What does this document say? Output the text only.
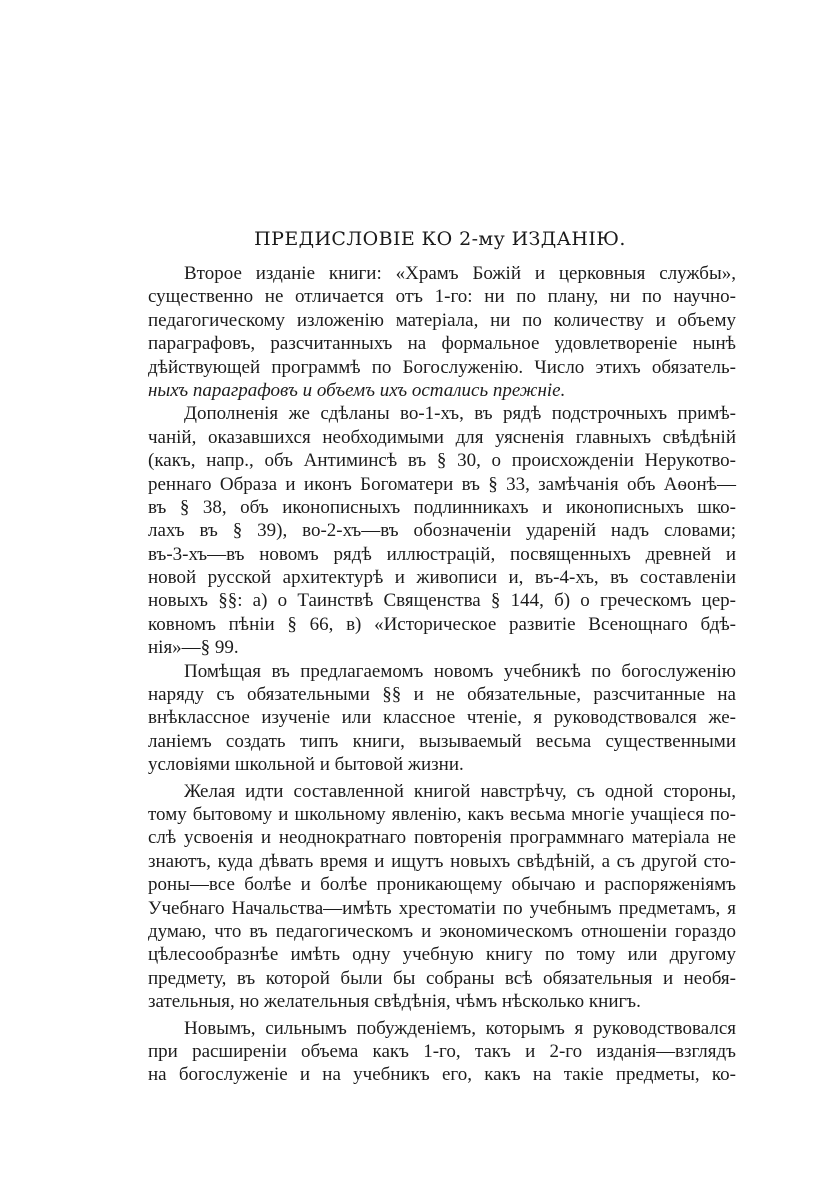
ПРЕДИСЛОВІЕ КО 2-му ИЗДАНІЮ.
Второе изданіе книги: «Храмъ Божій и церковныя службы»,
существенно не отличается отъ 1-го: ни по плану, ни по научно-
педагогическому изложенію матеріала, ни по количеству и объему
параграфовъ, разсчитанныхъ на формальное удовлетвореніе нынѣ
дѣйствующей программѣ по Богослуженію. Число этихъ обязатель-
ныхъ параграфовъ и объемъ ихъ остались прежніе.
Дополненія же сдѣланы во-1-хъ, въ рядѣ подстрочныхъ примѣ-
чаній, оказавшихся необходимыми для уясненія главныхъ свѣдѣній
(какъ, напр., объ Антиминсѣ въ § 30, о происхожденіи Нерукотво-
реннаго Образа и иконъ Богоматери въ § 33, замѣчанія объ Аѳонѣ—
въ § 38, объ иконописныхъ подлинникахъ и иконописныхъ шко-
лахъ въ § 39), во-2-хъ—въ обозначеніи удареній надъ словами;
въ-3-хъ—въ новомъ рядѣ иллюстрацій, посвященныхъ древней и
новой русской архитектурѣ и живописи и, въ-4-хъ, въ составленіи
новыхъ §§: а) о Таинствѣ Священства § 144, б) о греческомъ цер-
ковномъ пѣніи § 66, в) «Историческое развитіе Всенощнаго бдѣ-
нія»—§ 99.
Помѣщая въ предлагаемомъ новомъ учебникѣ по богослуженію
наряду съ обязательными §§ и не обязательные, разсчитанные на
внѣклассное изученіе или классное чтеніе, я руководствовался же-
ланіемъ создать типъ книги, вызываемый весьма существенными
условіями школьной и бытовой жизни.
Желая идти составленной книгой навстрѣчу, съ одной стороны,
тому бытовому и школьному явленію, какъ весьма многіе учащіеся по-
слѣ усвоенія и неоднократнаго повторенія программнаго матеріала не
знаютъ, куда дѣвать время и ищутъ новыхъ свѣдѣній, а съ другой сто-
роны—все болѣе и болѣе проникающему обычаю и распоряженіямъ
Учебнаго Начальства—имѣть хрестоматіи по учебнымъ предметамъ, я
думаю, что въ педагогическомъ и экономическомъ отношеніи гораздо
цѣлесообразнѣе имѣть одну учебную книгу по тому или другому
предмету, въ которой были бы собраны всѣ обязательныя и необя-
зательныя, но желательныя свѣдѣнія, чѣмъ нѣсколько книгъ.
Новымъ, сильнымъ побужденіемъ, которымъ я руководствовался
при расширеніи объема какъ 1-го, такъ и 2-го изданія—взглядъ
на богослуженіе и на учебникъ его, какъ на такіе предметы, ко-
